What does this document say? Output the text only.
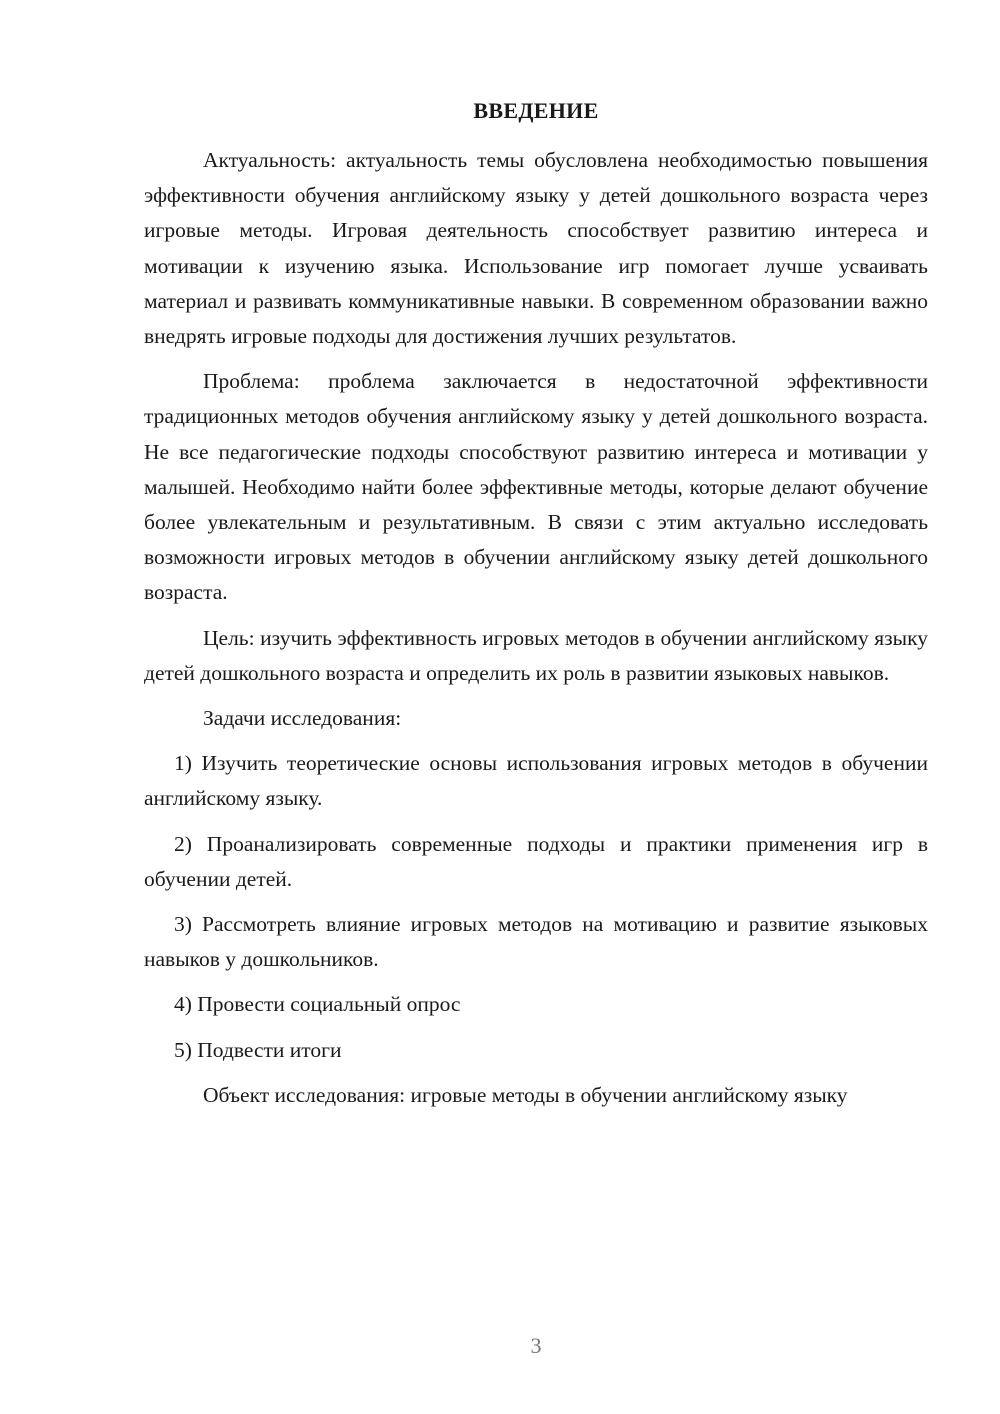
ВВЕДЕНИЕ

Актуальность: актуальность темы обусловлена необходимостью повышения эффективности обучения английскому языку у детей дошкольного возраста через игровые методы. Игровая деятельность способствует развитию интереса и мотивации к изучению языка. Использование игр помогает лучше усваивать материал и развивать коммуникативные навыки. В современном образовании важно внедрять игровые подходы для достижения лучших результатов.

Проблема: проблема заключается в недостаточной эффективности традиционных методов обучения английскому языку у детей дошкольного возраста. Не все педагогические подходы способствуют развитию интереса и мотивации у малышей. Необходимо найти более эффективные методы, которые делают обучение более увлекательным и результативным. В связи с этим актуально исследовать возможности игровых методов в обучении английскому языку детей дошкольного возраста.

Цель: изучить эффективность игровых методов в обучении английскому языку детей дошкольного возраста и определить их роль в развитии языковых навыков.

Задачи исследования:

1) Изучить теоретические основы использования игровых методов в обучении английскому языку.

2) Проанализировать современные подходы и практики применения игр в обучении детей.

3) Рассмотреть влияние игровых методов на мотивацию и развитие языковых навыков у дошкольников.

4) Провести социальный опрос

5) Подвести итоги

Объект исследования: игровые методы в обучении английскому языку

3
